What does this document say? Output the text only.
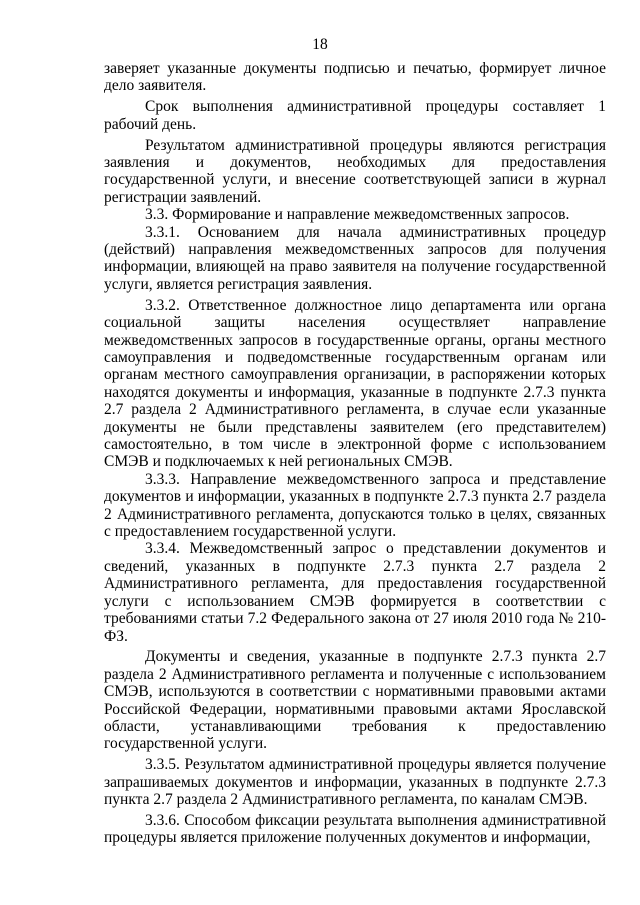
18

заверяет указанные документы подписью и печатью, формирует личное дело заявителя.

Срок выполнения административной процедуры составляет 1 рабочий день.

Результатом административной процедуры являются регистрация заявления и документов, необходимых для предоставления государственной услуги, и внесение соответствующей записи в журнал регистрации заявлений.

3.3. Формирование и направление межведомственных запросов.

3.3.1. Основанием для начала административных процедур (действий) направления межведомственных запросов для получения информации, влияющей на право заявителя на получение государственной услуги, является регистрация заявления.

3.3.2. Ответственное должностное лицо департамента или органа социальной защиты населения осуществляет направление межведомственных запросов в государственные органы, органы местного самоуправления и подведомственные государственным органам или органам местного самоуправления организации, в распоряжении которых находятся документы и информация, указанные в подпункте 2.7.3 пункта 2.7 раздела 2 Административного регламента, в случае если указанные документы не были представлены заявителем (его представителем) самостоятельно, в том числе в электронной форме с использованием СМЭВ и подключаемых к ней региональных СМЭВ.

3.3.3. Направление межведомственного запроса и представление документов и информации, указанных в подпункте 2.7.3 пункта 2.7 раздела 2 Административного регламента, допускаются только в целях, связанных с предоставлением государственной услуги.

3.3.4. Межведомственный запрос о представлении документов и сведений, указанных в подпункте 2.7.3 пункта 2.7 раздела 2 Административного регламента, для предоставления государственной услуги с использованием СМЭВ формируется в соответствии с требованиями статьи 7.2 Федерального закона от 27 июля 2010 года № 210-ФЗ.

Документы и сведения, указанные в подпункте 2.7.3 пункта 2.7 раздела 2 Административного регламента и полученные с использованием СМЭВ, используются в соответствии с нормативными правовыми актами Российской Федерации, нормативными правовыми актами Ярославской области, устанавливающими требования к предоставлению государственной услуги.

3.3.5. Результатом административной процедуры является получение запрашиваемых документов и информации, указанных в подпункте 2.7.3 пункта 2.7 раздела 2 Административного регламента, по каналам СМЭВ.

3.3.6. Способом фиксации результата выполнения административной процедуры является приложение полученных документов и информации,
